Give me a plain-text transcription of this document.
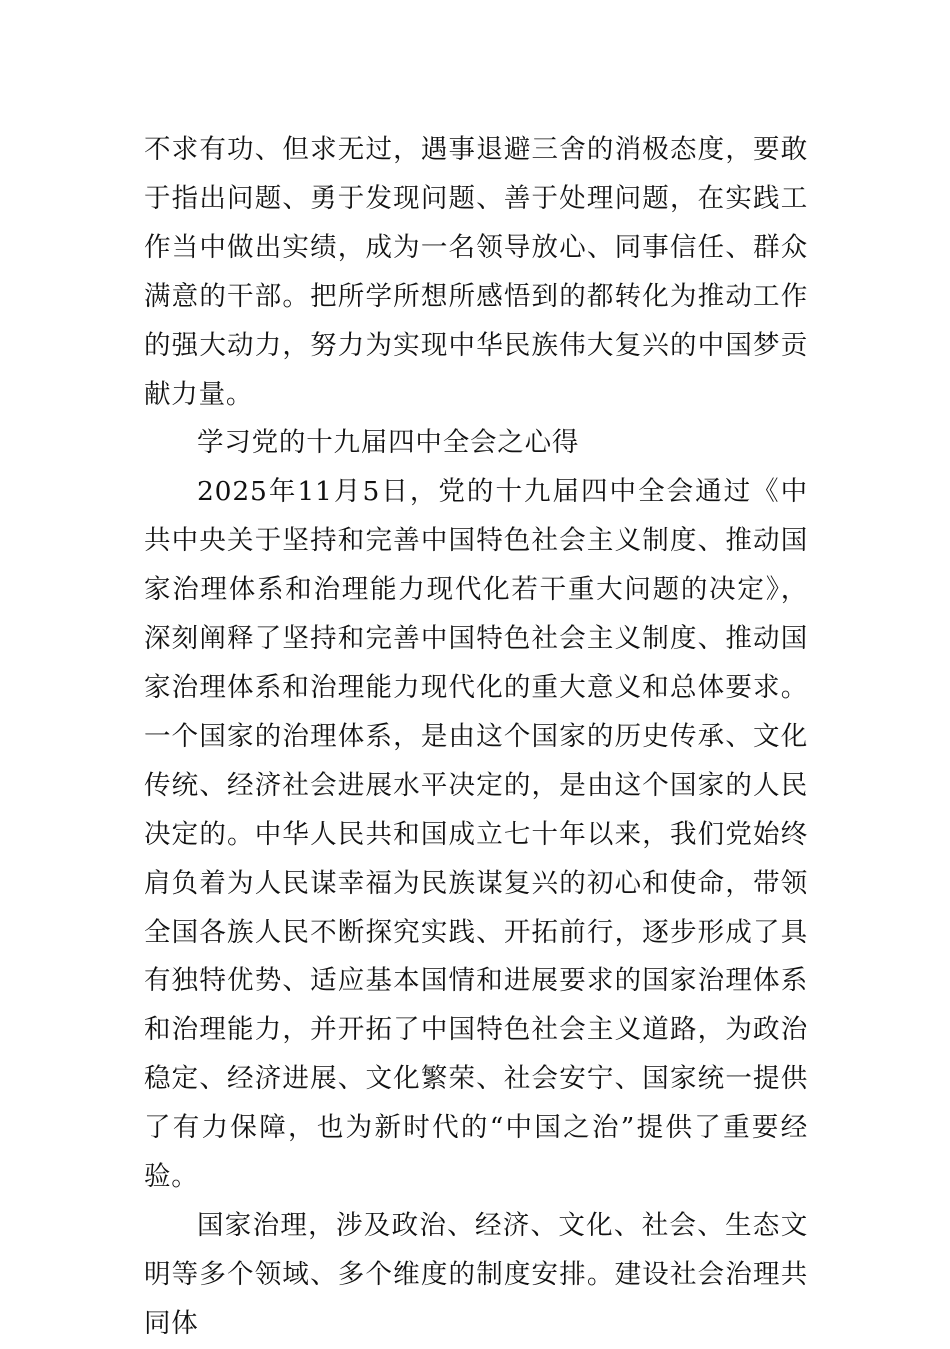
不求有功、但求无过，遇事退避三舍的消极态度，要敢于指出问题、勇于发现问题、善于处理问题，在实践工作当中做出实绩，成为一名领导放心、同事信任、群众满意的干部。把所学所想所感悟到的都转化为推动工作的强大动力，努力为实现中华民族伟大复兴的中国梦贡献力量。

学习党的十九届四中全会之心得

2025年11月5日，党的十九届四中全会通过《中共中央关于坚持和完善中国特色社会主义制度、推动国家治理体系和治理能力现代化若干重大问题的决定》，深刻阐释了坚持和完善中国特色社会主义制度、推动国家治理体系和治理能力现代化的重大意义和总体要求。一个国家的治理体系，是由这个国家的历史传承、文化传统、经济社会进展水平决定的，是由这个国家的人民决定的。中华人民共和国成立七十年以来，我们党始终肩负着为人民谋幸福为民族谋复兴的初心和使命，带领全国各族人民不断探究实践、开拓前行，逐步形成了具有独特优势、适应基本国情和进展要求的国家治理体系和治理能力，并开拓了中国特色社会主义道路，为政治稳定、经济进展、文化繁荣、社会安宁、国家统一提供了有力保障，也为新时代的“中国之治”提供了重要经验。

国家治理，涉及政治、经济、文化、社会、生态文明等多个领域、多个维度的制度安排。建设社会治理共同体
